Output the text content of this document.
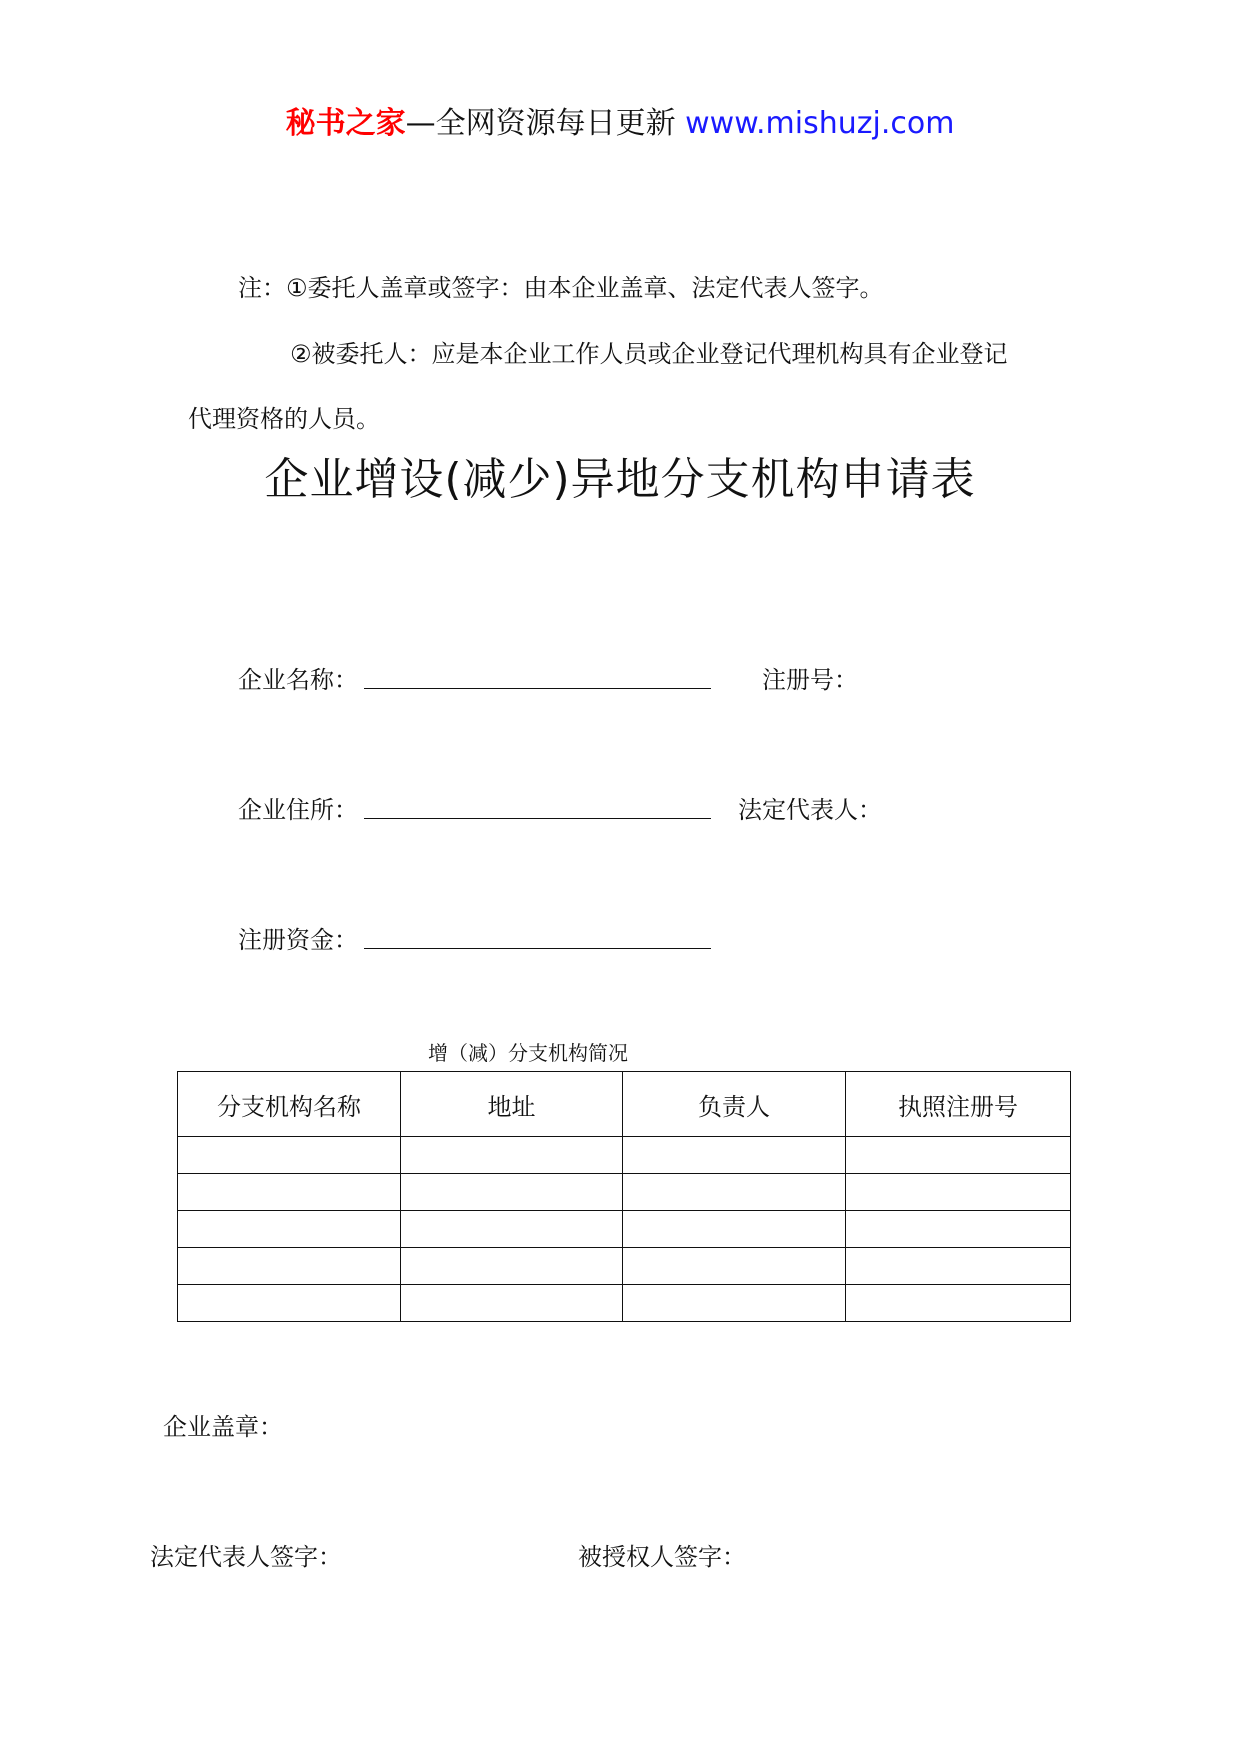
秘书之家—全网资源每日更新 www.mishuzj.com
注：①委托人盖章或签字：由本企业盖章、法定代表人签字。
②被委托人：应是本企业工作人员或企业登记代理机构具有企业登记
代理资格的人员。
企业增设(减少)异地分支机构申请表
企业名称：	注册号：
企业住所：	法定代表人：
注册资金：
增（减）分支机构简况
分支机构名称	地址	负责人	执照注册号

企业盖章：
法定代表人签字：	被授权人签字：
